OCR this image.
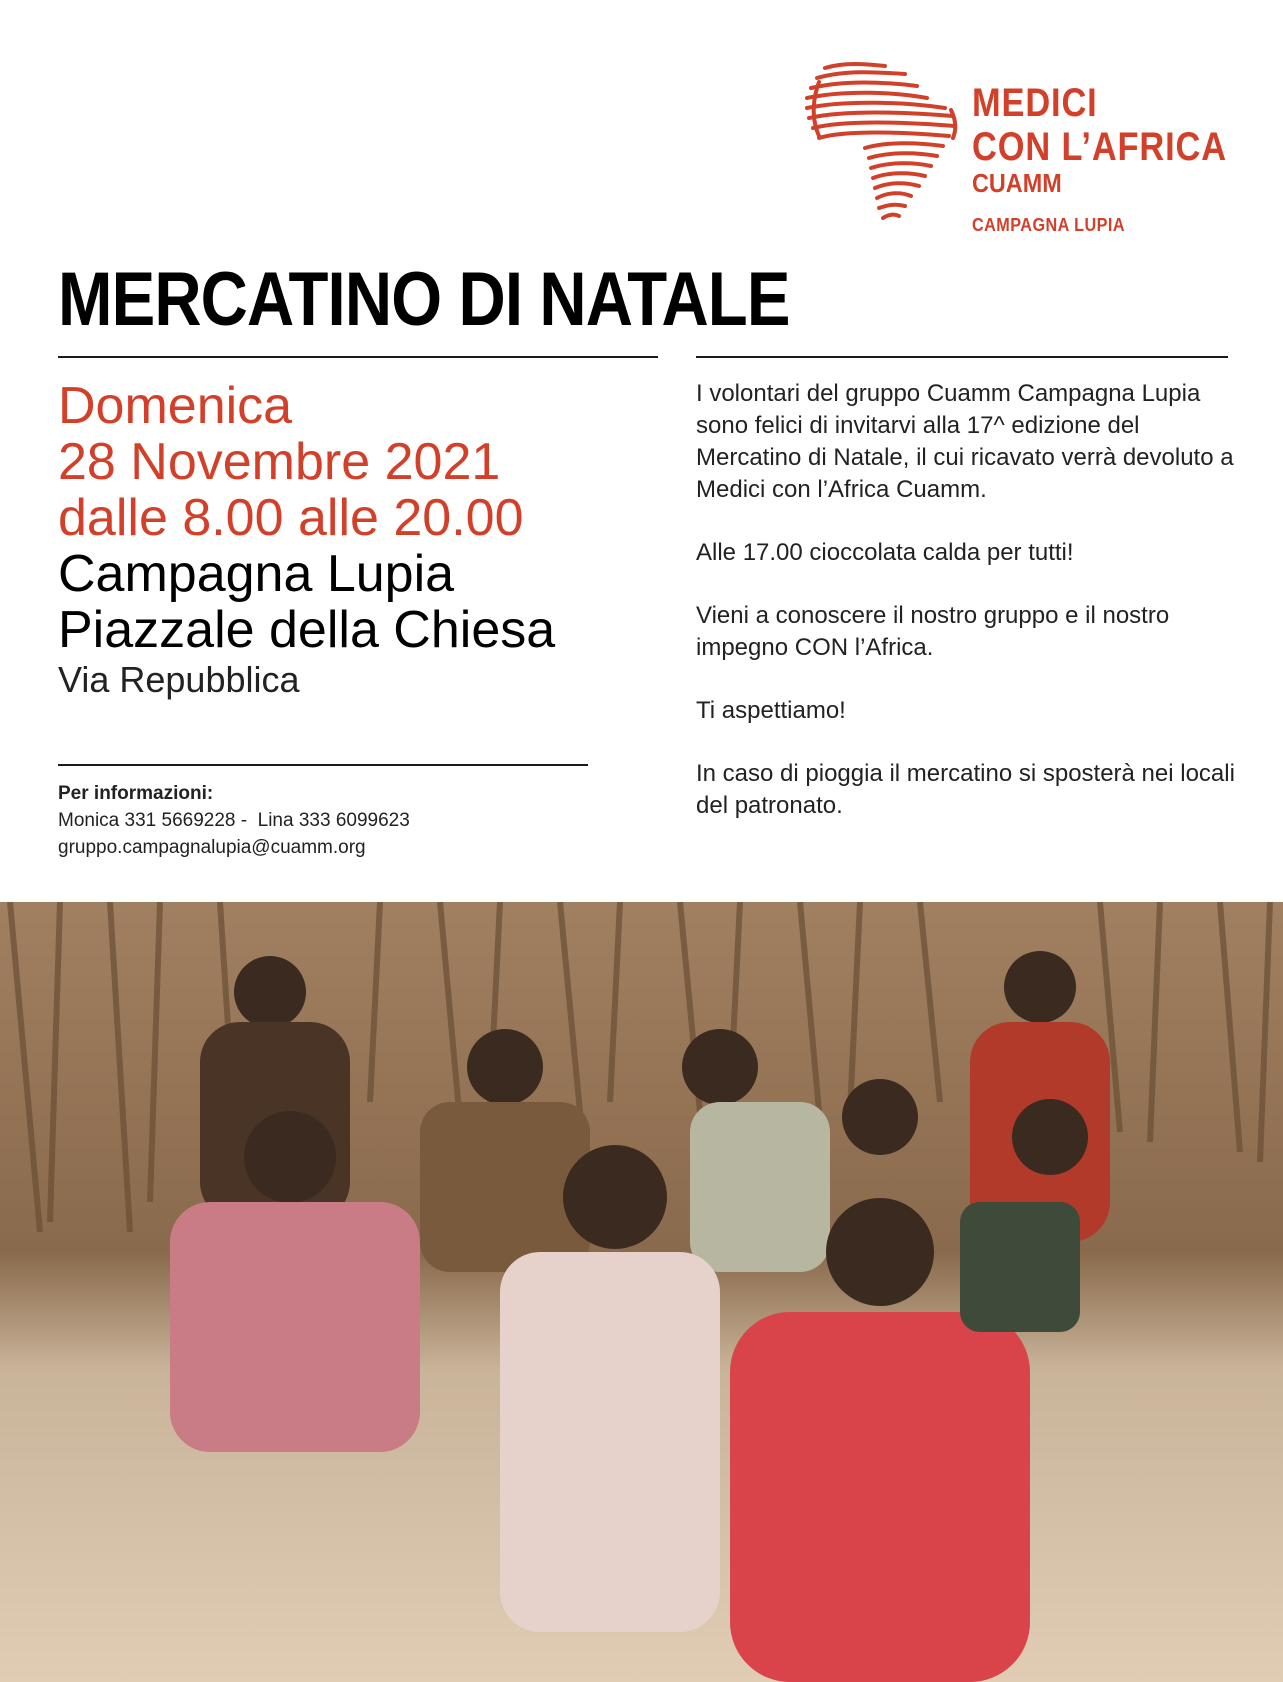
MEDICI
CON L’AFRICA
CUAMM
CAMPAGNA LUPIA
MERCATINO DI NATALE
Domenica
28 Novembre 2021
dalle 8.00 alle 20.00
Campagna Lupia
Piazzale della Chiesa
Via Repubblica
Per informazioni:
Monica 331 5669228 -  Lina 333 6099623
gruppo.campagnalupia@cuamm.org

I volontari del gruppo Cuamm Campagna Lupia sono felici di invitarvi alla 17^ edizione del Mercatino di Natale, il cui ricavato verrà devoluto a Medici con l’Africa Cuamm.

Alle 17.00 cioccolata calda per tutti!

Vieni a conoscere il nostro gruppo e il nostro impegno CON l’Africa.

Ti aspettiamo!

In caso di pioggia il mercatino si sposterà nei locali del patronato.
